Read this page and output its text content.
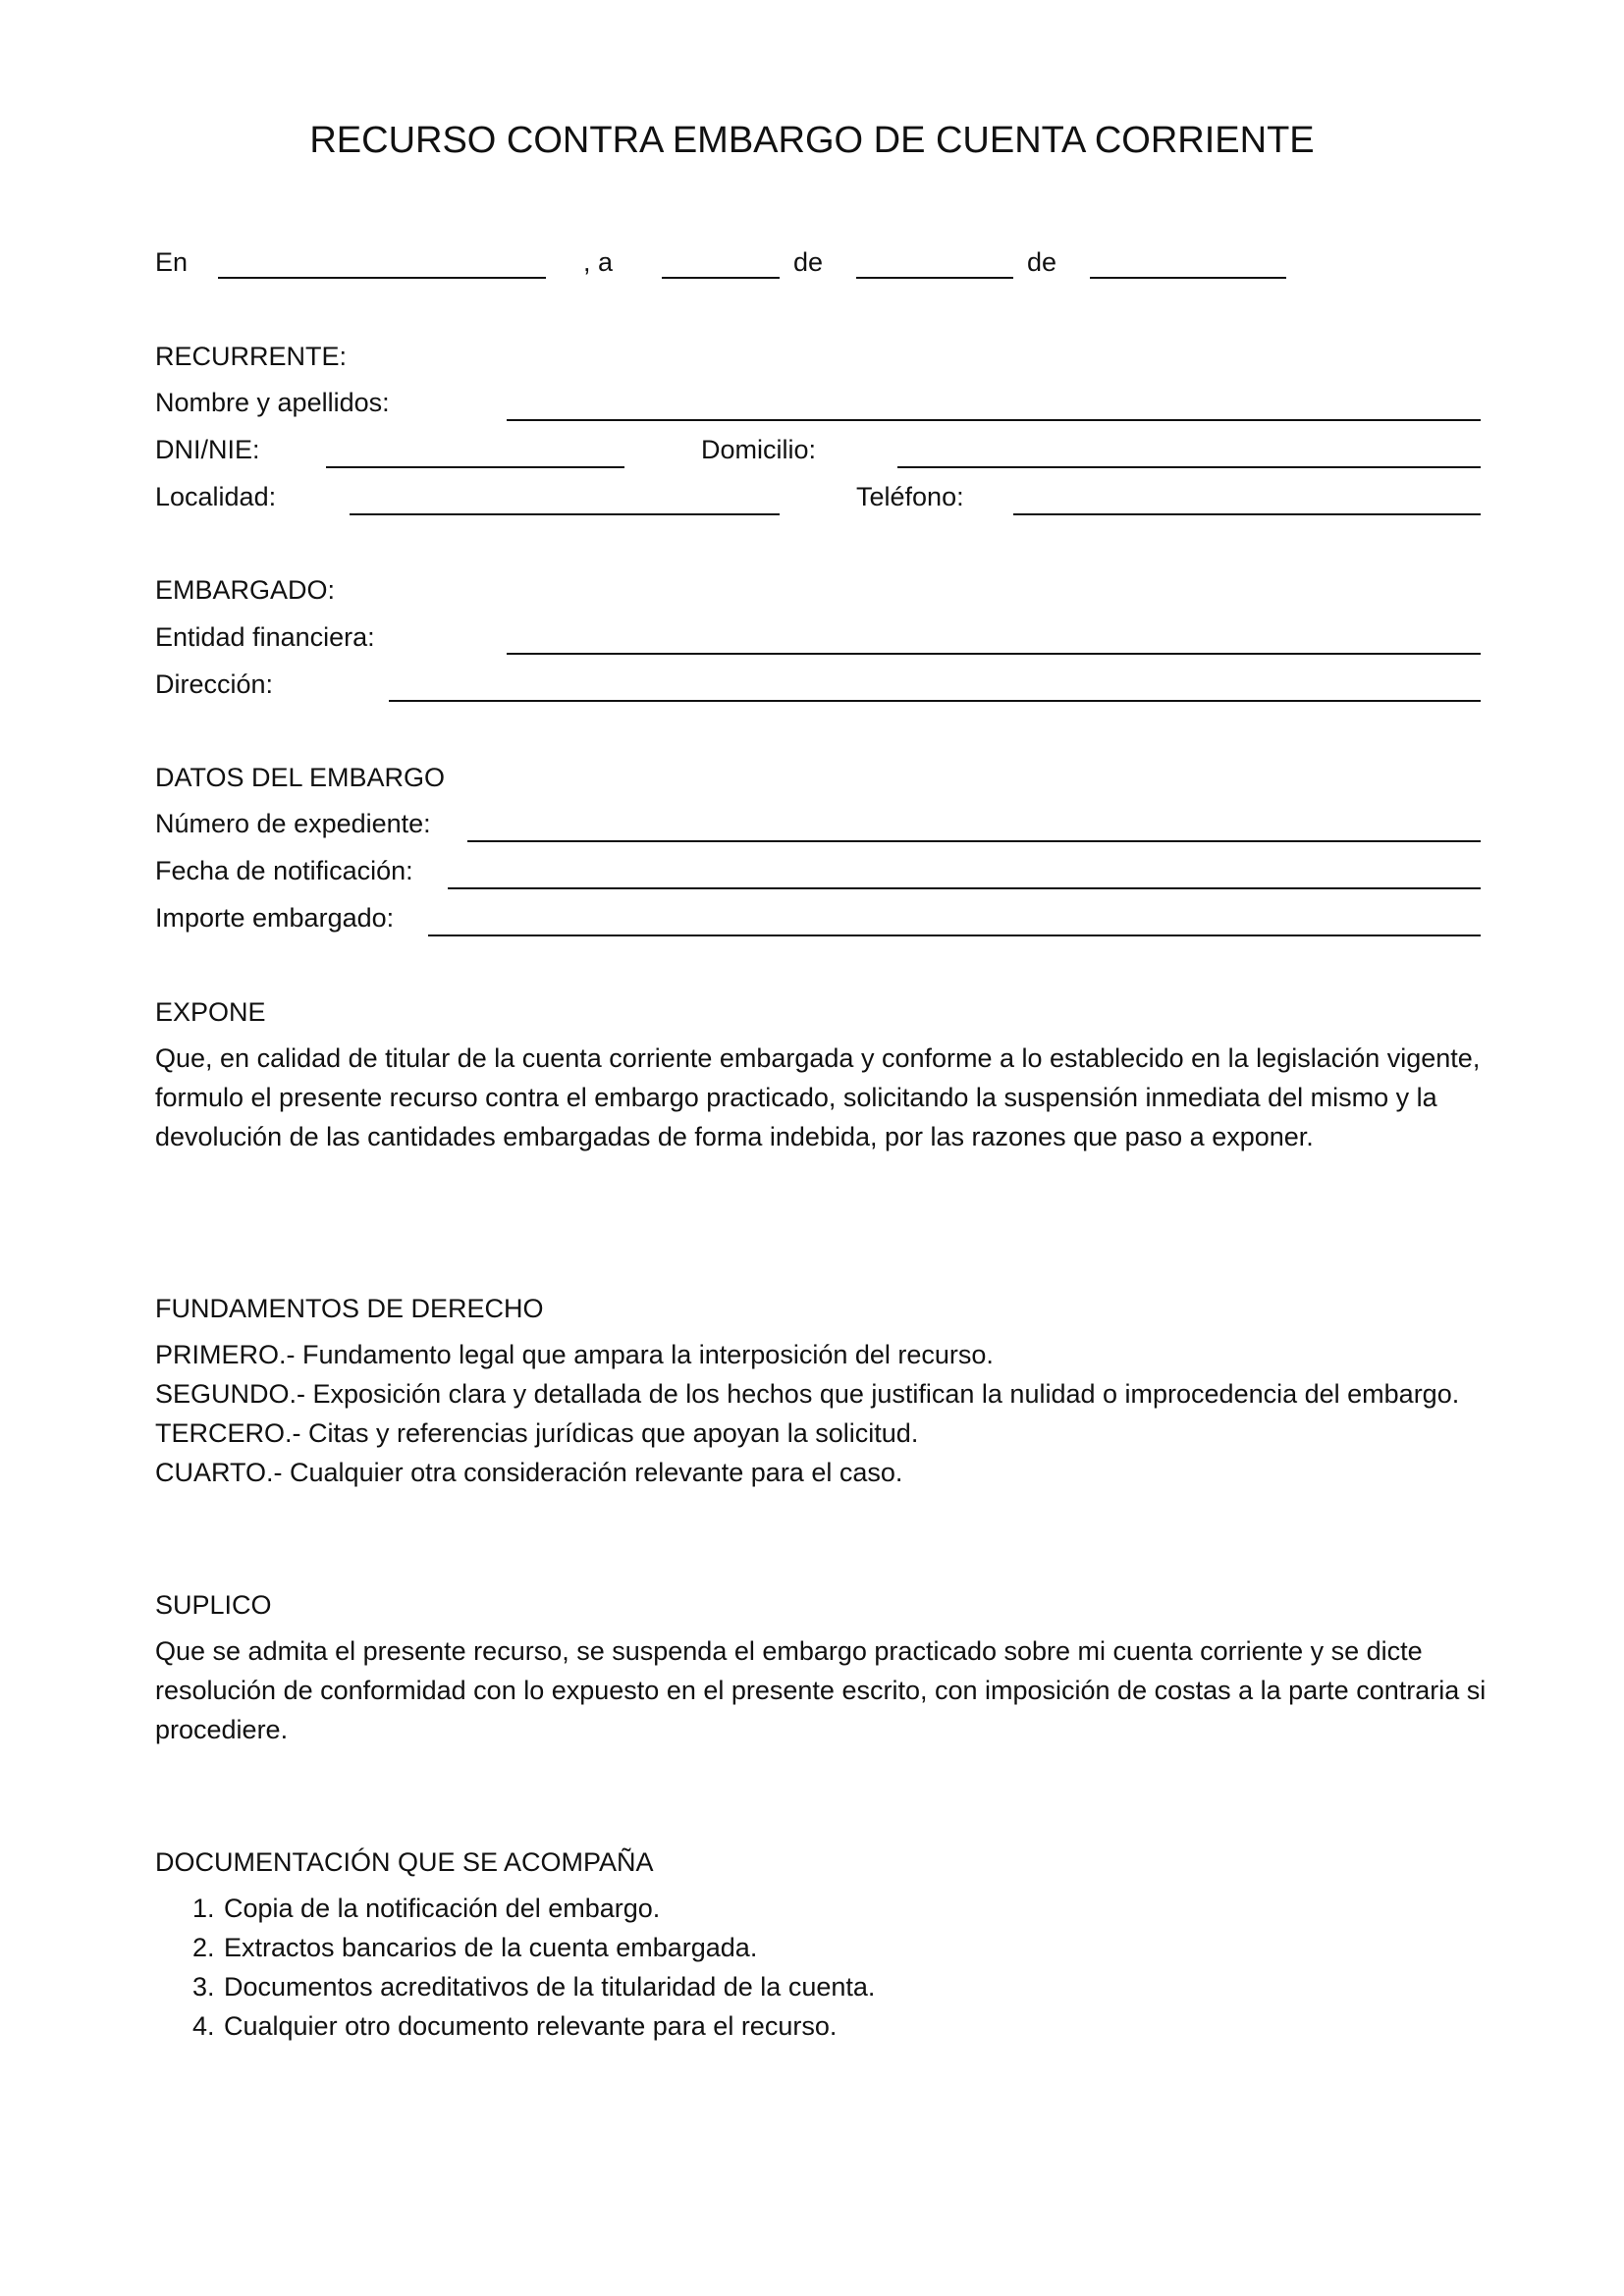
RECURSO CONTRA EMBARGO DE CUENTA CORRIENTE
En	, a	de	de
RECURRENTE:
Nombre y apellidos:
DNI/NIE:	Domicilio:
Localidad:	Teléfono:
EMBARGADO:
Entidad financiera:
Dirección:
DATOS DEL EMBARGO
Número de expediente:
Fecha de notificación:
Importe embargado:
EXPONE
Que, en calidad de titular de la cuenta corriente embargada y conforme a lo establecido en la legislación vigente, formulo el presente recurso contra el embargo practicado, solicitando la suspensión inmediata del mismo y la devolución de las cantidades embargadas de forma indebida, por las razones que paso a exponer.
FUNDAMENTOS DE DERECHO
PRIMERO.- Fundamento legal que ampara la interposición del recurso.
SEGUNDO.- Exposición clara y detallada de los hechos que justifican la nulidad o improcedencia del embargo.
TERCERO.- Citas y referencias jurídicas que apoyan la solicitud.
CUARTO.- Cualquier otra consideración relevante para el caso.
SUPLICO
Que se admita el presente recurso, se suspenda el embargo practicado sobre mi cuenta corriente y se dicte resolución de conformidad con lo expuesto en el presente escrito, con imposición de costas a la parte contraria si procediere.
DOCUMENTACIÓN QUE SE ACOMPAÑA
1. Copia de la notificación del embargo.
2. Extractos bancarios de la cuenta embargada.
3. Documentos acreditativos de la titularidad de la cuenta.
4. Cualquier otro documento relevante para el recurso.
